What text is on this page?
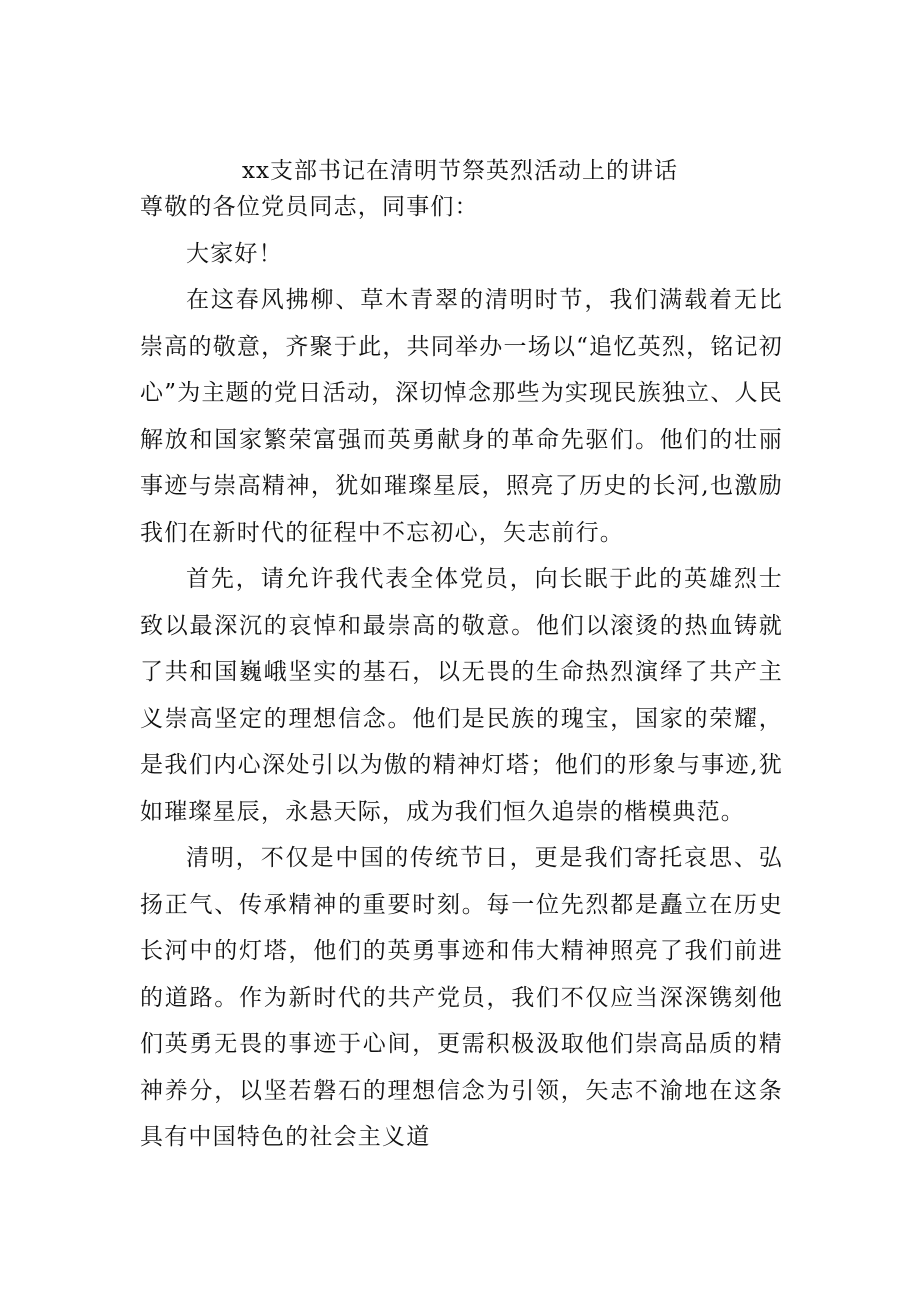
xx支部书记在清明节祭英烈活动上的讲话

尊敬的各位党员同志，同事们：

大家好！

在这春风拂柳、草木青翠的清明时节，我们满载着无比崇高的敬意，齐聚于此，共同举办一场以“追忆英烈，铭记初心”为主题的党日活动，深切悼念那些为实现民族独立、人民解放和国家繁荣富强而英勇献身的革命先驱们。他们的壮丽事迹与崇高精神，犹如璀璨星辰，照亮了历史的长河,也激励我们在新时代的征程中不忘初心，矢志前行。

首先，请允许我代表全体党员，向长眠于此的英雄烈士致以最深沉的哀悼和最崇高的敬意。他们以滚烫的热血铸就了共和国巍峨坚实的基石，以无畏的生命热烈演绎了共产主义崇高坚定的理想信念。他们是民族的瑰宝，国家的荣耀，是我们内心深处引以为傲的精神灯塔；他们的形象与事迹,犹如璀璨星辰，永悬天际，成为我们恒久追崇的楷模典范。

清明，不仅是中国的传统节日，更是我们寄托哀思、弘扬正气、传承精神的重要时刻。每一位先烈都是矗立在历史长河中的灯塔，他们的英勇事迹和伟大精神照亮了我们前进的道路。作为新时代的共产党员，我们不仅应当深深镌刻他们英勇无畏的事迹于心间，更需积极汲取他们崇高品质的精神养分，以坚若磐石的理想信念为引领，矢志不渝地在这条具有中国特色的社会主义道
